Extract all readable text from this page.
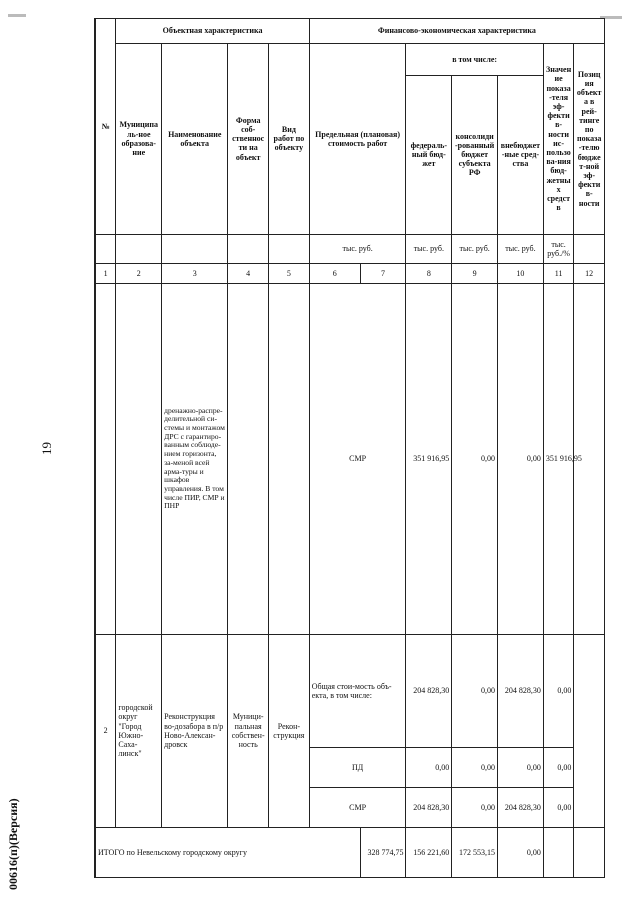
19
00616(п)(Версия)
№	Объектная характеристика				Финансово-экономическая характеристика						
	Муниципаль-ное образова-ние	Наименование объекта	Форма соб-ственности на объект	Вид работ по объекту	Предельная (плановая) стоимость работ		в том числе:			Значение показа-теля эф-фектив-ности ис-пользова-ния бюд-жетных средств	Позиция объекта в рей-тинге по показа-телю бюджет-ной эф-фектив-ности
							федераль-ный бюд-жет	консолиди-рованный бюджет субъекта РФ	внебюджет-ные сред-ства		
					тыс. руб.		тыс. руб.	тыс. руб.	тыс. руб.	тыс. руб./%	
1	2	3	4	5	6	7	8	9	10	11	12
		дренажно-распре-делительной си-стемы и монтажом ДРС с гарантиро-ванным соблюде-нием горизонта, за-меной всей арма-туры и шкафов управления. В том числе ПИР, СМР и ПНР			СМР		351 916,95	0,00	0,00	351 916,95	
2	городской округ "Город Южно-Саха-линск"	Реконструкция во-дозабора в п/р Ново-Алексан-дровск	Муници-пальная собствен-ность	Рекон-струкция	Общая стои-мость объ-екта, в том числе:		204 828,30	0,00	204 828,30	0,00	
					ПД		0,00	0,00	0,00	0,00	
					СМР		204 828,30	0,00	204 828,30	0,00	
ИТОГО по Невельскому городскому округу						328 774,75	156 221,60	172 553,15	0,00		
